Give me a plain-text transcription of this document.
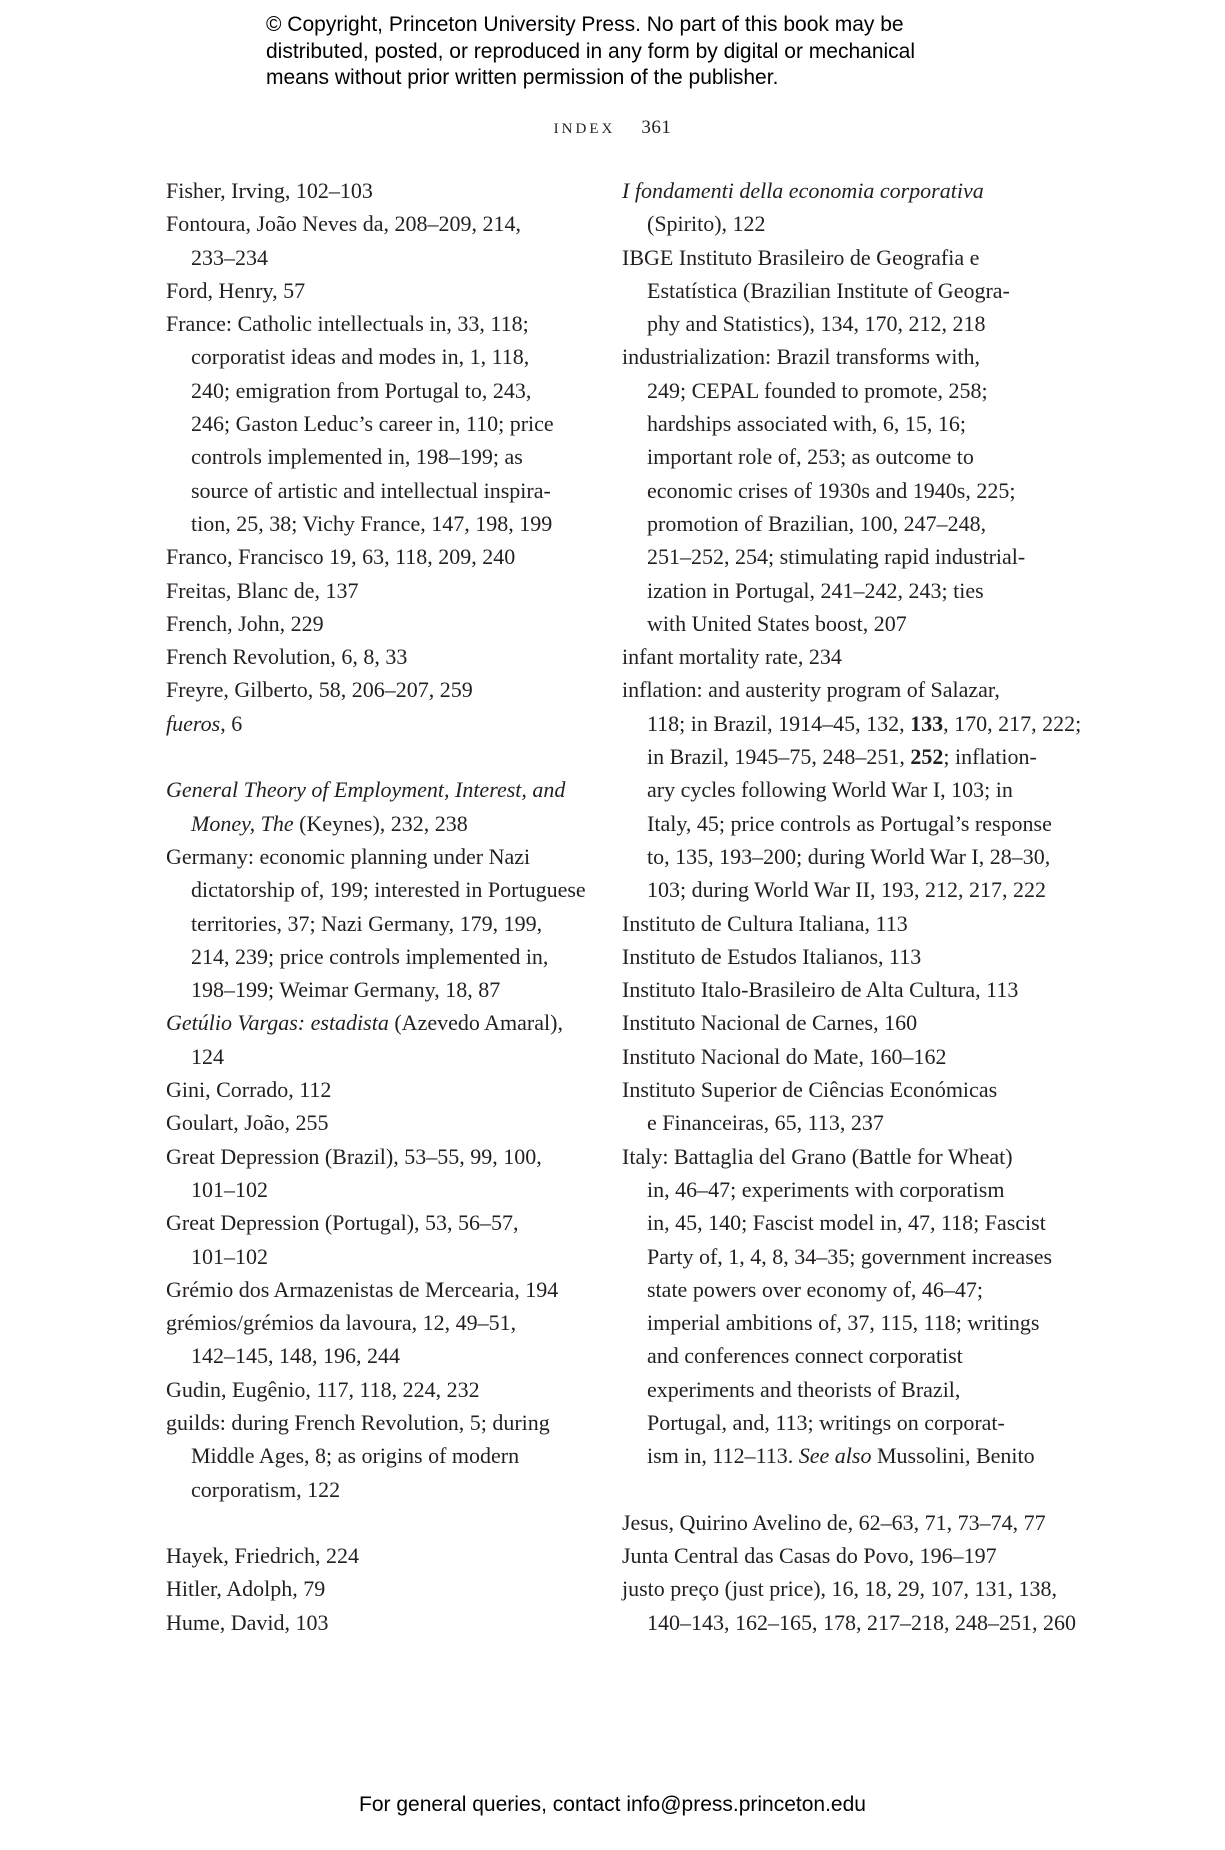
© Copyright, Princeton University Press. No part of this book may be
distributed, posted, or reproduced in any form by digital or mechanical
means without prior written permission of the publisher.
index 361
Fisher, Irving, 102–103
Fontoura, João Neves da, 208–209, 214,
233–234
Ford, Henry, 57
France: Catholic intellectuals in, 33, 118;
corporatist ideas and modes in, 1, 118,
240; emigration from Portugal to, 243,
246; Gaston Leduc’s career in, 110; price
controls implemented in, 198–199; as
source of artistic and intellectual inspira-
tion, 25, 38; Vichy France, 147, 198, 199
Franco, Francisco 19, 63, 118, 209, 240
Freitas, Blanc de, 137
French, John, 229
French Revolution, 6, 8, 33
Freyre, Gilberto, 58, 206–207, 259
fueros, 6
General Theory of Employment, Interest, and
Money, The (Keynes), 232, 238
Germany: economic planning under Nazi
dictatorship of, 199; interested in Portuguese
territories, 37; Nazi Germany, 179, 199,
214, 239; price controls implemented in,
198–199; Weimar Germany, 18, 87
Getúlio Vargas: estadista (Azevedo Amaral),
124
Gini, Corrado, 112
Goulart, João, 255
Great Depression (Brazil), 53–55, 99, 100,
101–102
Great Depression (Portugal), 53, 56–57,
101–102
Grémio dos Armazenistas de Mercearia, 194
grémios/grémios da lavoura, 12, 49–51,
142–145, 148, 196, 244
Gudin, Eugênio, 117, 118, 224, 232
guilds: during French Revolution, 5; during
Middle Ages, 8; as origins of modern
corporatism, 122
Hayek, Friedrich, 224
Hitler, Adolph, 79
Hume, David, 103
I fondamenti della economia corporativa
(Spirito), 122
IBGE Instituto Brasileiro de Geografia e
Estatística (Brazilian Institute of Geogra-
phy and Statistics), 134, 170, 212, 218
industrialization: Brazil transforms with,
249; CEPAL founded to promote, 258;
hardships associated with, 6, 15, 16;
important role of, 253; as outcome to
economic crises of 1930s and 1940s, 225;
promotion of Brazilian, 100, 247–248,
251–252, 254; stimulating rapid industrial-
ization in Portugal, 241–242, 243; ties
with United States boost, 207
infant mortality rate, 234
inflation: and austerity program of Salazar,
118; in Brazil, 1914–45, 132, 133, 170, 217, 222;
in Brazil, 1945–75, 248–251, 252; inflation-
ary cycles following World War I, 103; in
Italy, 45; price controls as Portugal’s response
to, 135, 193–200; during World War I, 28–30,
103; during World War II, 193, 212, 217, 222
Instituto de Cultura Italiana, 113
Instituto de Estudos Italianos, 113
Instituto Italo-Brasileiro de Alta Cultura, 113
Instituto Nacional de Carnes, 160
Instituto Nacional do Mate, 160–162
Instituto Superior de Ciências Económicas
e Financeiras, 65, 113, 237
Italy: Battaglia del Grano (Battle for Wheat)
in, 46–47; experiments with corporatism
in, 45, 140; Fascist model in, 47, 118; Fascist
Party of, 1, 4, 8, 34–35; government increases
state powers over economy of, 46–47;
imperial ambitions of, 37, 115, 118; writings
and conferences connect corporatist
experiments and theorists of Brazil,
Portugal, and, 113; writings on corporat-
ism in, 112–113. See also Mussolini, Benito
Jesus, Quirino Avelino de, 62–63, 71, 73–74, 77
Junta Central das Casas do Povo, 196–197
justo preço (just price), 16, 18, 29, 107, 131, 138,
140–143, 162–165, 178, 217–218, 248–251, 260
For general queries, contact info@press.princeton.edu
